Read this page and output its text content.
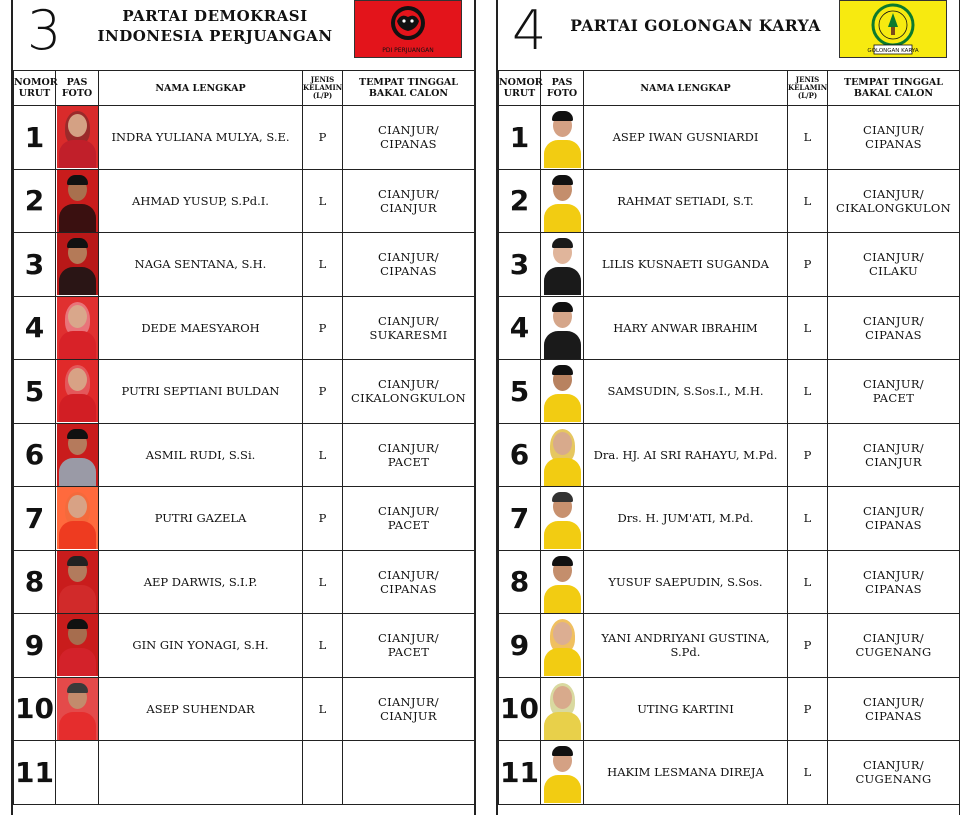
3	PARTAI DEMOKRASI
INDONESIA PERJUANGAN
PDI PERJUANGAN
NOMOR URUT	PAS FOTO	NAMA LENGKAP	JENIS KELAMIN (L/P)	TEMPAT TINGGAL BAKAL CALON
1		INDRA YULIANA MULYA, S.E.	P	CIANJUR/
CIPANAS

2		AHMAD YUSUP, S.Pd.I.	L	CIANJUR/
CIANJUR

3		NAGA SENTANA, S.H.	L	CIANJUR/
CIPANAS

4		DEDE MAESYAROH	P	CIANJUR/
SUKARESMI

5		PUTRI SEPTIANI BULDAN	P	CIANJUR/
CIKALONGKULON

6		ASMIL RUDI, S.Si.	L	CIANJUR/
PACET

7		PUTRI GAZELA	P	CIANJUR/
PACET

8		AEP DARWIS, S.I.P.	L	CIANJUR/
CIPANAS

9		GIN GIN YONAGI, S.H.	L	CIANJUR/
PACET

10		ASEP SUHENDAR	L	CIANJUR/
CIANJUR

11				
4	PARTAI GOLONGAN KARYA
GOLONGAN KARYA
NOMOR URUT	PAS FOTO	NAMA LENGKAP	JENIS KELAMIN (L/P)	TEMPAT TINGGAL BAKAL CALON
1		ASEP IWAN GUSNIARDI	L	CIANJUR/
CIPANAS

2		RAHMAT SETIADI, S.T.	L	CIANJUR/
CIKALONGKULON

3		LILIS KUSNAETI SUGANDA	P	CIANJUR/
CILAKU

4		HARY ANWAR IBRAHIM	L	CIANJUR/
CIPANAS

5		SAMSUDIN, S.Sos.I., M.H.	L	CIANJUR/
PACET

6		Dra. HJ. AI SRI RAHAYU, M.Pd.	P	CIANJUR/
CIANJUR

7		Drs. H. JUM'ATI, M.Pd.	L	CIANJUR/
CIPANAS

8		YUSUF SAEPUDIN, S.Sos.	L	CIANJUR/
CIPANAS

9		YANI ANDRIYANI GUSTINA, S.Pd.	P	CIANJUR/
CUGENANG

10		UTING KARTINI	P	CIANJUR/
CIPANAS

11		HAKIM LESMANA DIREJA	L	CIANJUR/
CUGENANG
